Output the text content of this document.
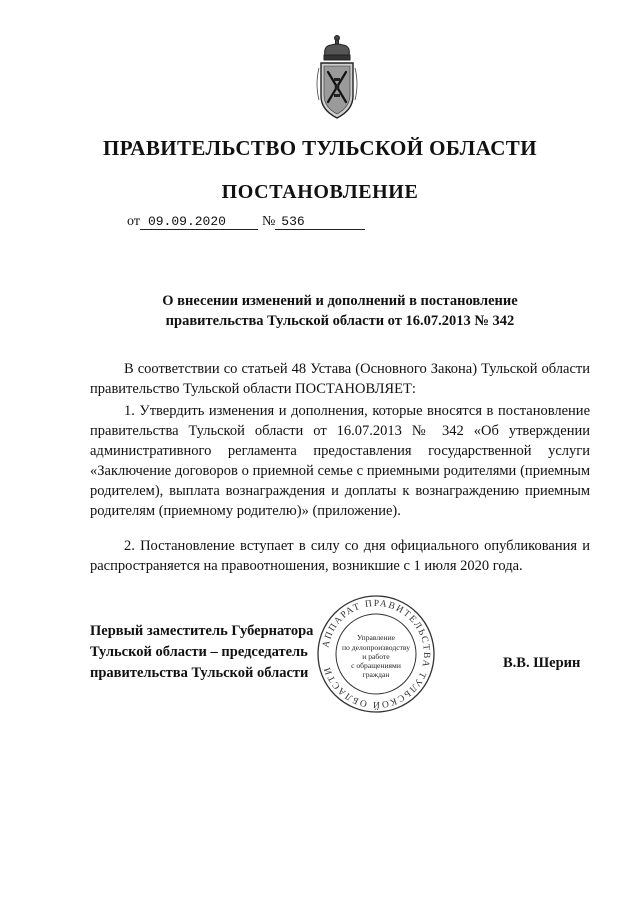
ПРАВИТЕЛЬСТВО ТУЛЬСКОЙ ОБЛАСТИ
ПОСТАНОВЛЕНИЕ
от 09.09.2020	№ 536
О внесении изменений и дополнений в постановление
правительства Тульской области от 16.07.2013 № 342
В соответствии со статьей 48 Устава (Основного Закона) Тульской области правительство Тульской области ПОСТАНОВЛЯЕТ:
1. Утвердить изменения и дополнения, которые вносятся в постановление правительства Тульской области от 16.07.2013 № 342 «Об утверждении административного регламента предоставления государственной услуги «Заключение договоров о приемной семье с приемными родителями (приемным родителем), выплата вознаграждения и доплаты к вознаграждению приемным родителям (приемному родителю)» (приложение).
2. Постановление вступает в силу со дня официального опубликования и распространяется на правоотношения, возникшие с 1 июля 2020 года.
Первый заместитель Губернатора
Тульской области – председатель
правительства Тульской области
В.В. Шерин
АППАРАТ ПРАВИТЕЛЬСТВА ТУЛЬСКОЙ ОБЛАСТИ
Управление
по делопроизводству
и работе
с обращениями
граждан
